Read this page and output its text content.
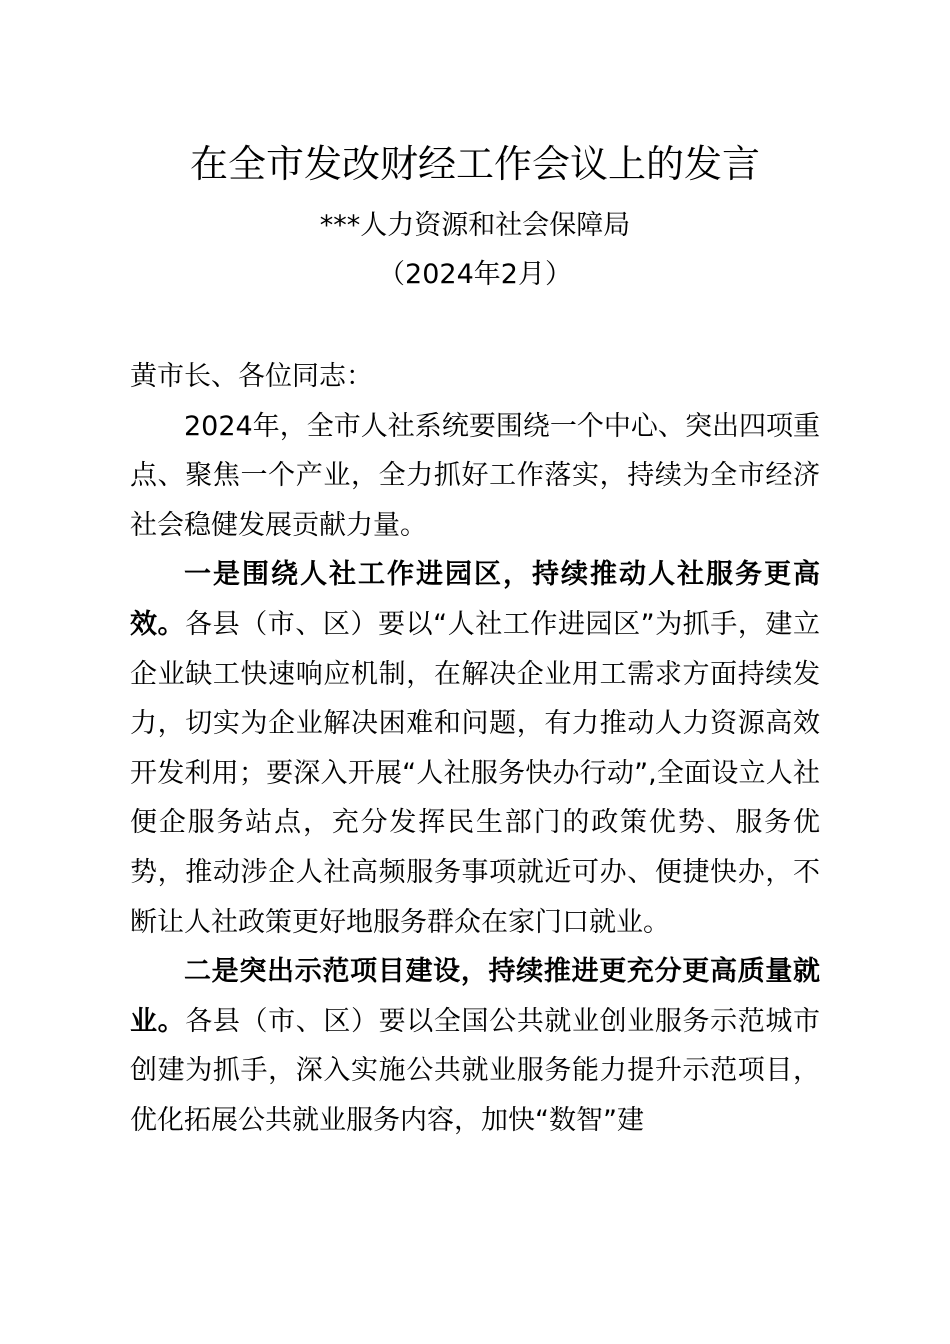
在全市发改财经工作会议上的发言
***人力资源和社会保障局
（2024年2月）

黄市长、各位同志：

2024年，全市人社系统要围绕一个中心、突出四项重点、聚焦一个产业，全力抓好工作落实，持续为全市经济社会稳健发展贡献力量。

一是围绕人社工作进园区，持续推动人社服务更高效。各县（市、区）要以“人社工作进园区”为抓手，建立企业缺工快速响应机制，在解决企业用工需求方面持续发力，切实为企业解决困难和问题，有力推动人力资源高效开发利用；要深入开展“人社服务快办行动”,全面设立人社便企服务站点，充分发挥民生部门的政策优势、服务优势，推动涉企人社高频服务事项就近可办、便捷快办，不断让人社政策更好地服务群众在家门口就业。

二是突出示范项目建设，持续推进更充分更高质量就业。各县（市、区）要以全国公共就业创业服务示范城市创建为抓手，深入实施公共就业服务能力提升示范项目，优化拓展公共就业服务内容，加快“数智”建
